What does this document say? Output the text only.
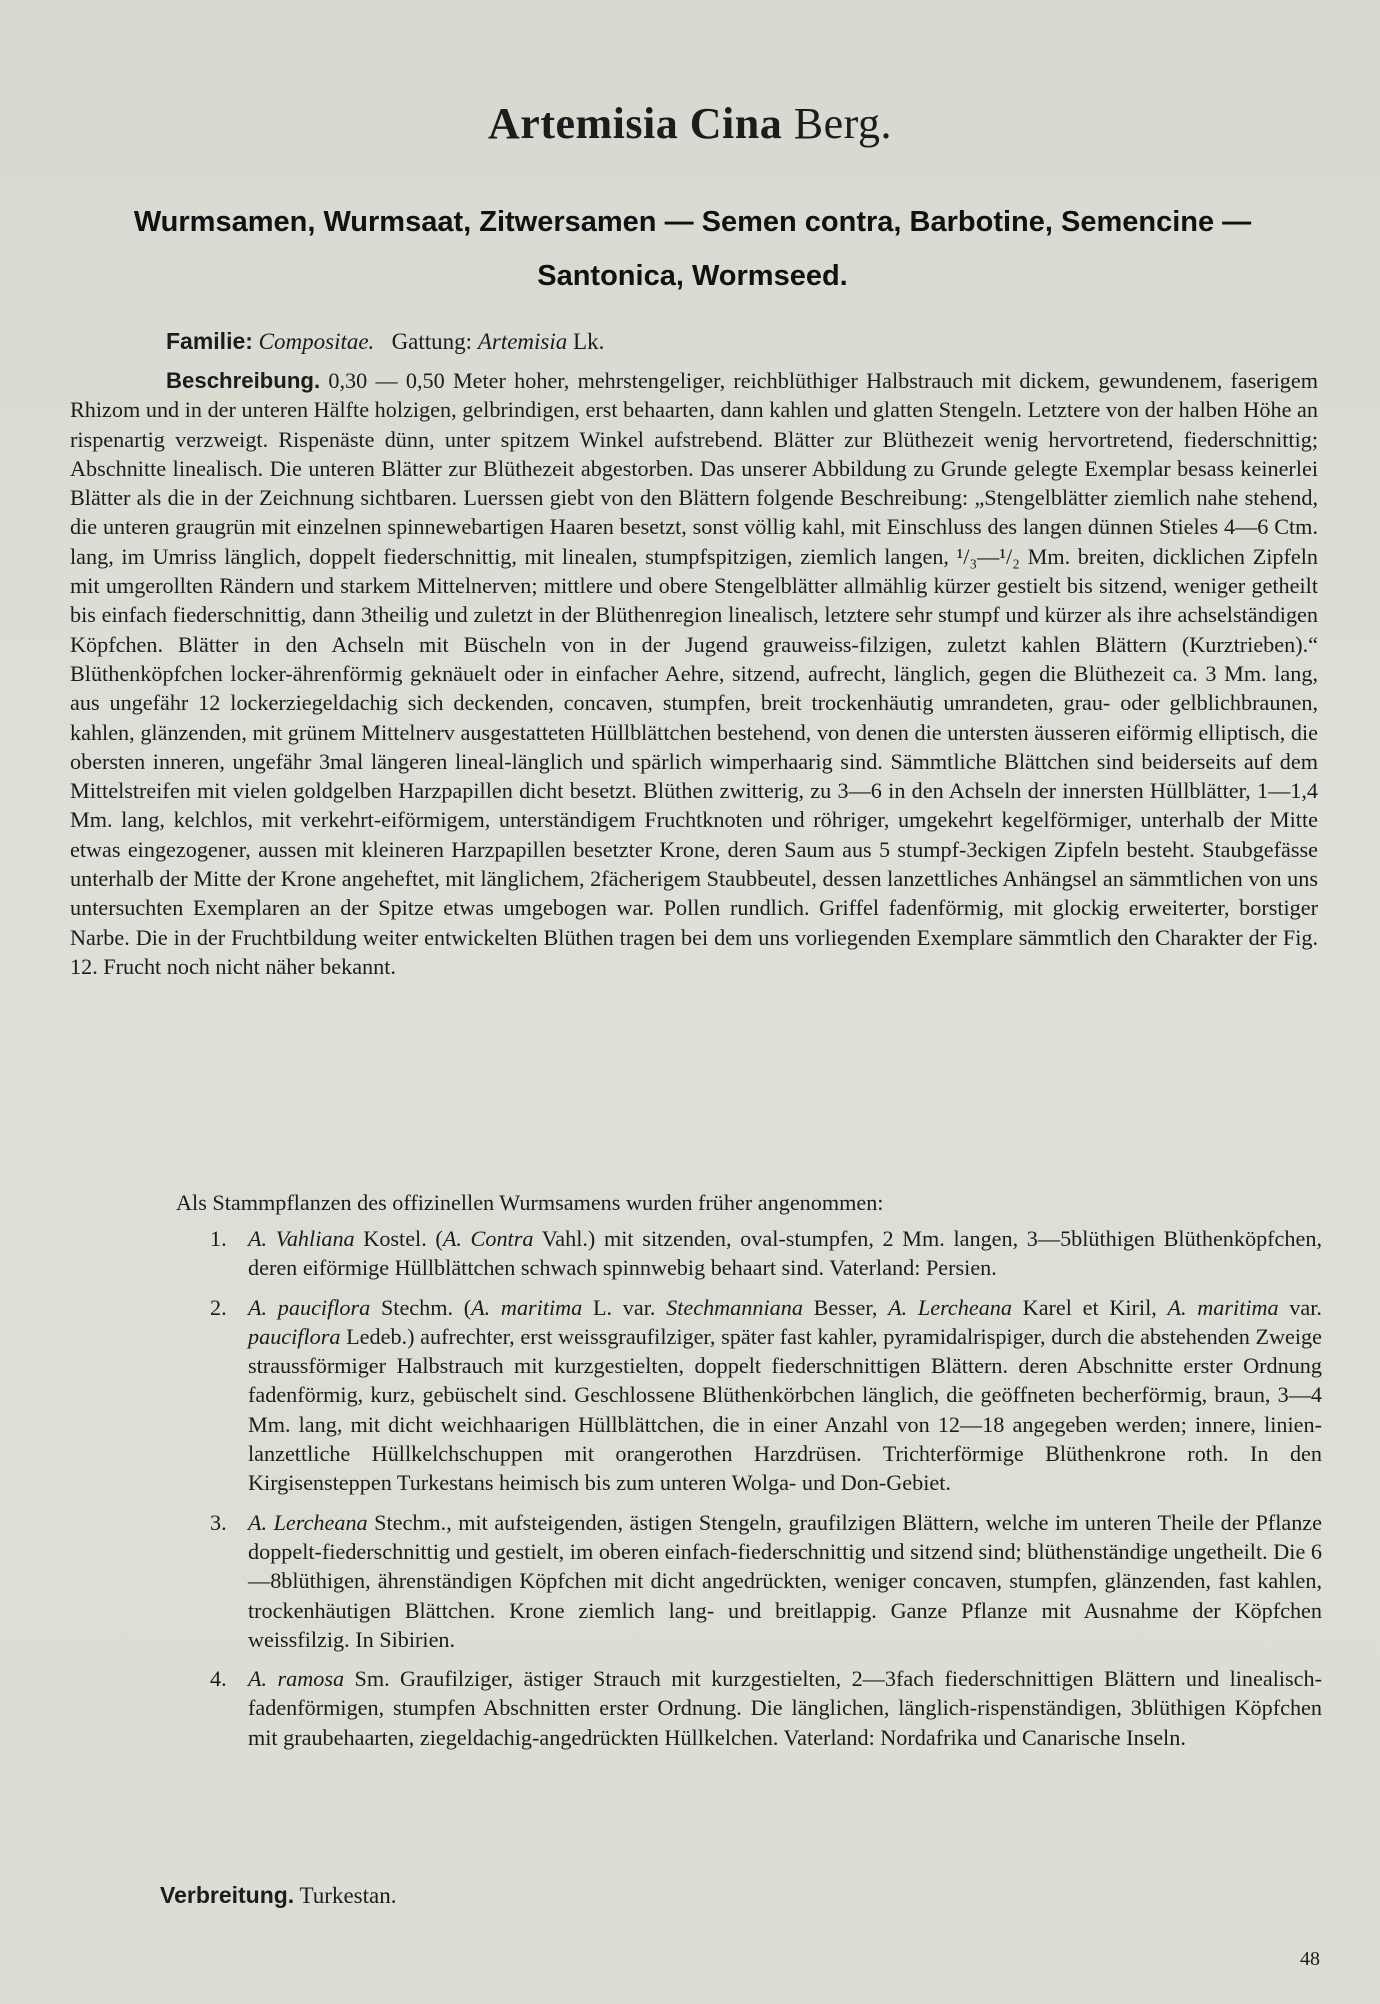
Artemisia Cina Berg.
Wurmsamen, Wurmsaat, Zitwersamen — Semen contra, Barbotine, Semencine — Santonica, Wormseed.
Familie: Compositae. Gattung: Artemisia Lk.

Beschreibung. 0,30 — 0,50 Meter hoher, mehrstengeliger, reichblüthiger Halbstrauch mit dickem, gewundenem, faserigem Rhizom und in der unteren Hälfte holzigen, gelbrindigen, erst behaarten, dann kahlen und glatten Stengeln. Letztere von der halben Höhe an rispenartig verzweigt. Rispenäste dünn, unter spitzem Winkel aufstrebend. Blätter zur Blüthezeit wenig hervortretend, fiederschnittig; Abschnitte linealisch. Die unteren Blätter zur Blüthezeit abgestorben. Das unserer Abbildung zu Grunde gelegte Exemplar besass keinerlei Blätter als die in der Zeichnung sichtbaren. Luerssen giebt von den Blättern folgende Beschreibung: „Stengelblätter ziemlich nahe stehend, die unteren graugrün mit einzelnen spinnewebartigen Haaren besetzt, sonst völlig kahl, mit Einschluss des langen dünnen Stieles 4—6 Ctm. lang, im Umriss länglich, doppelt fiederschnittig, mit linealen, stumpfspitzigen, ziemlich langen, ¹/₃—¹/₂ Mm. breiten, dicklichen Zipfeln mit umgerollten Rändern und starkem Mittelnerven; mittlere und obere Stengelblätter allmählig kürzer gestielt bis sitzend, weniger getheilt bis einfach fiederschnittig, dann 3theilig und zuletzt in der Blüthenregion linealisch, letztere sehr stumpf und kürzer als ihre achselständigen Köpfchen. Blätter in den Achseln mit Büscheln von in der Jugend grauweiss-filzigen, zuletzt kahlen Blättern (Kurztrieben).“ Blüthenköpfchen locker-ährenförmig geknäuelt oder in einfacher Aehre, sitzend, aufrecht, länglich, gegen die Blüthezeit ca. 3 Mm. lang, aus ungefähr 12 lockerziegeldachig sich deckenden, concaven, stumpfen, breit trockenhäutig umrandeten, grau- oder gelblichbraunen, kahlen, glänzenden, mit grünem Mittelnerv ausgestatteten Hüllblättchen bestehend, von denen die untersten äusseren eiförmig elliptisch, die obersten inneren, ungefähr 3mal längeren lineal-länglich und spärlich wimperhaarig sind. Sämmtliche Blättchen sind beiderseits auf dem Mittelstreifen mit vielen goldgelben Harzpapillen dicht besetzt. Blüthen zwitterig, zu 3—6 in den Achseln der innersten Hüllblätter, 1—1,4 Mm. lang, kelchlos, mit verkehrt-eiförmigem, unterständigem Fruchtknoten und röhriger, umgekehrt kegelförmiger, unterhalb der Mitte etwas eingezogener, aussen mit kleineren Harzpapillen besetzter Krone, deren Saum aus 5 stumpf-3eckigen Zipfeln besteht. Staubgefässe unterhalb der Mitte der Krone angeheftet, mit länglichem, 2fächerigem Staubbeutel, dessen lanzettliches Anhängsel an sämmtlichen von uns untersuchten Exemplaren an der Spitze etwas umgebogen war. Pollen rundlich. Griffel fadenförmig, mit glockig erweiterter, borstiger Narbe. Die in der Fruchtbildung weiter entwickelten Blüthen tragen bei dem uns vorliegenden Exemplare sämmtlich den Charakter der Fig. 12. Frucht noch nicht näher bekannt.

Als Stammpflanzen des offizinellen Wurmsamens wurden früher angenommen:
1. A. Vahliana Kostel. (A. Contra Vahl.) mit sitzenden, oval-stumpfen, 2 Mm. langen, 3—5blüthigen Blüthenköpfchen, deren eiförmige Hüllblättchen schwach spinnwebig behaart sind. Vaterland: Persien.
2. A. pauciflora Stechm. (A. maritima L. var. Stechmanniana Besser, A. Lercheana Karel et Kiril, A. maritima var. pauciflora Ledeb.) aufrechter, erst weissgraufilziger, später fast kahler, pyramidalrispiger, durch die abstehenden Zweige straussförmiger Halbstrauch mit kurzgestielten, doppelt fiederschnittigen Blättern. deren Abschnitte erster Ordnung fadenförmig, kurz, gebüschelt sind. Geschlossene Blüthenkörbchen länglich, die geöffneten becherförmig, braun, 3—4 Mm. lang, mit dicht weichhaarigen Hüllblättchen, die in einer Anzahl von 12—18 angegeben werden; innere, linien-lanzettliche Hüllkelchschuppen mit orangerothen Harzdrüsen. Trichterförmige Blüthenkrone roth. In den Kirgisensteppen Turkestans heimisch bis zum unteren Wolga- und Don-Gebiet.
3. A. Lercheana Stechm., mit aufsteigenden, ästigen Stengeln, graufilzigen Blättern, welche im unteren Theile der Pflanze doppelt-fiederschnittig und gestielt, im oberen einfach-fiederschnittig und sitzend sind; blüthenständige ungetheilt. Die 6—8blüthigen, ährenständigen Köpfchen mit dicht angedrückten, weniger concaven, stumpfen, glänzenden, fast kahlen, trockenhäutigen Blättchen. Krone ziemlich lang- und breitlappig. Ganze Pflanze mit Ausnahme der Köpfchen weissfilzig. In Sibirien.
4. A. ramosa Sm. Graufilziger, ästiger Strauch mit kurzgestielten, 2—3fach fiederschnittigen Blättern und linealisch-fadenförmigen, stumpfen Abschnitten erster Ordnung. Die länglichen, länglich-rispenständigen, 3blüthigen Köpfchen mit graubehaarten, ziegeldachig-angedrückten Hüllkelchen. Vaterland: Nordafrika und Canarische Inseln.
Verbreitung. Turkestan.
48
